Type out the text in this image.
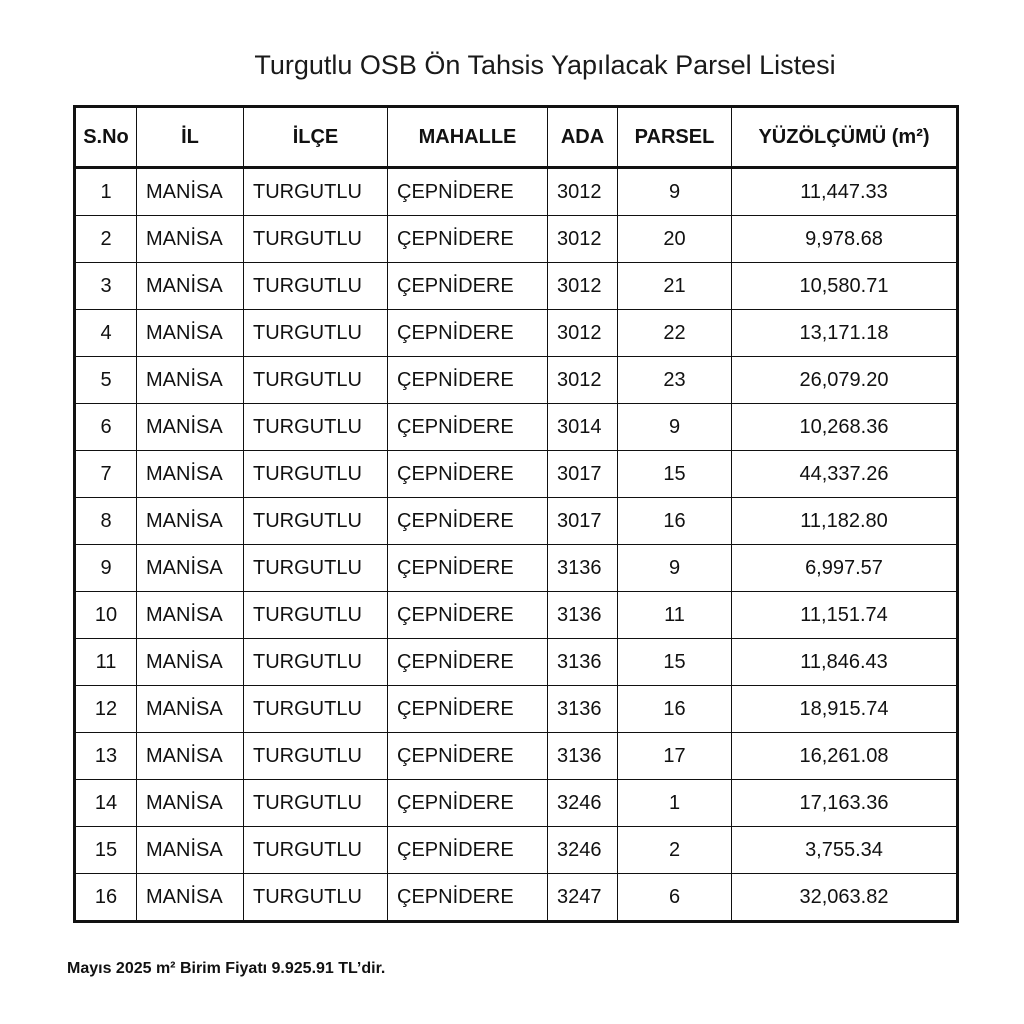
Turgutlu OSB Ön Tahsis Yapılacak Parsel Listesi
S.No	İL	İLÇE	MAHALLE	ADA	PARSEL	YÜZÖLÇÜMÜ (m²)
1	MANİSA	TURGUTLU	ÇEPNİDERE	3012	9	11,447.33
2	MANİSA	TURGUTLU	ÇEPNİDERE	3012	20	9,978.68
3	MANİSA	TURGUTLU	ÇEPNİDERE	3012	21	10,580.71
4	MANİSA	TURGUTLU	ÇEPNİDERE	3012	22	13,171.18
5	MANİSA	TURGUTLU	ÇEPNİDERE	3012	23	26,079.20
6	MANİSA	TURGUTLU	ÇEPNİDERE	3014	9	10,268.36
7	MANİSA	TURGUTLU	ÇEPNİDERE	3017	15	44,337.26
8	MANİSA	TURGUTLU	ÇEPNİDERE	3017	16	11,182.80
9	MANİSA	TURGUTLU	ÇEPNİDERE	3136	9	6,997.57
10	MANİSA	TURGUTLU	ÇEPNİDERE	3136	11	11,151.74
11	MANİSA	TURGUTLU	ÇEPNİDERE	3136	15	11,846.43
12	MANİSA	TURGUTLU	ÇEPNİDERE	3136	16	18,915.74
13	MANİSA	TURGUTLU	ÇEPNİDERE	3136	17	16,261.08
14	MANİSA	TURGUTLU	ÇEPNİDERE	3246	1	17,163.36
15	MANİSA	TURGUTLU	ÇEPNİDERE	3246	2	3,755.34
16	MANİSA	TURGUTLU	ÇEPNİDERE	3247	6	32,063.82
Mayıs 2025 m² Birim Fiyatı 9.925.91 TL’dir.
